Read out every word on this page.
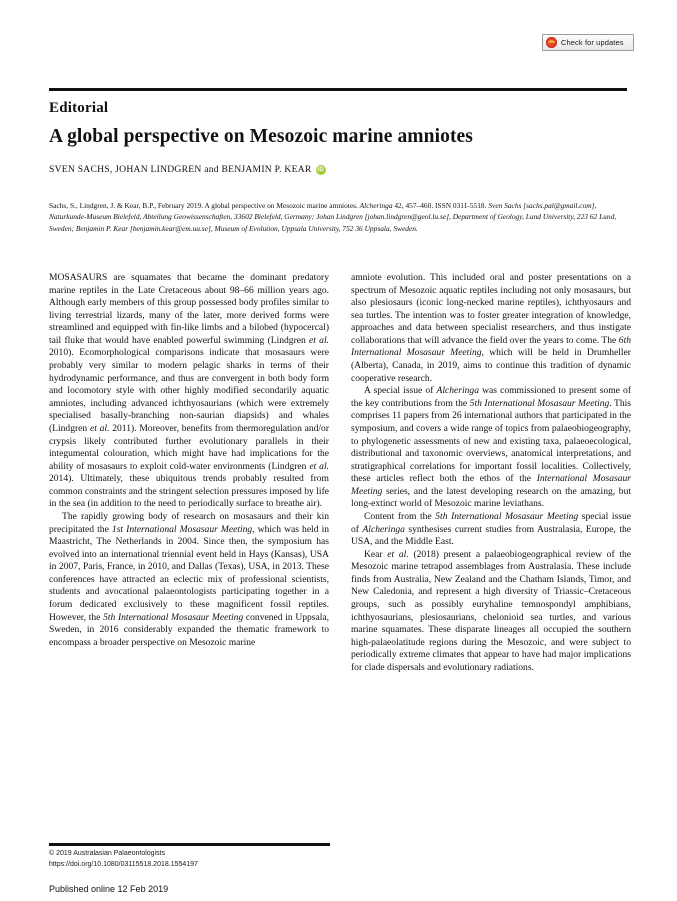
Check for updates
Editorial
A global perspective on Mesozoic marine amniotes
SVEN SACHS, JOHAN LINDGREN and BENJAMIN P. KEAR
iD
Sachs, S., Lindgren, J. & Kear, B.P., February 2019. A global perspective on Mesozoic marine amniotes. Alcheringa 42, 457–460. ISSN 0311-5518. Sven Sachs [sachs.pal@gmail.com], Naturkunde-Museum Bielefeld, Abteilung Geowissenschaften, 33602 Bielefeld, Germany; Johan Lindgren [johan.lindgren@geol.lu.se], Department of Geology, Lund University, 223 62 Lund, Sweden; Benjamin P. Kear [benjamin.kear@em.uu.se], Museum of Evolution, Uppsala University, 752 36 Uppsala, Sweden.

MOSASAURS are squamates that became the dominant predatory marine reptiles in the Late Cretaceous about 98–66 million years ago. Although early members of this group possessed body profiles similar to living terrestrial lizards, many of the later, more derived forms were streamlined and equipped with fin-like limbs and a bilobed (hypocercal) tail fluke that would have enabled powerful swimming (Lindgren et al. 2010). Ecomorphological comparisons indicate that mosasaurs were probably very similar to modern pelagic sharks in terms of their hydrodynamic performance, and thus are convergent in both body form and locomotory style with other highly modified secondarily aquatic amniotes, including advanced ichthyosaurians (which were extremely specialised basally-branching non-saurian diapsids) and whales (Lindgren et al. 2011). Moreover, benefits from thermoregulation and/or crypsis likely contributed further evolutionary parallels in their integumental colouration, which might have had implications for the ability of mosasaurs to exploit cold-water environments (Lindgren et al. 2014). Ultimately, these ubiquitous trends probably resulted from common constraints and the stringent selection pressures imposed by life in the sea (in addition to the need to periodically surface to breathe air).

The rapidly growing body of research on mosasaurs and their kin precipitated the 1st International Mosasaur Meeting, which was held in Maastricht, The Netherlands in 2004. Since then, the symposium has evolved into an international triennial event held in Hays (Kansas), USA in 2007, Paris, France, in 2010, and Dallas (Texas), USA, in 2013. These conferences have attracted an eclectic mix of professional scientists, students and avocational palaeontologists participating together in a forum dedicated exclusively to these magnificent fossil reptiles. However, the 5th International Mosasaur Meeting convened in Uppsala, Sweden, in 2016 considerably expanded the thematic framework to encompass a broader perspective on Mesozoic marine

amniote evolution. This included oral and poster presentations on a spectrum of Mesozoic aquatic reptiles including not only mosasaurs, but also plesiosaurs (iconic long-necked marine reptiles), ichthyosaurs and sea turtles. The intention was to foster greater integration of knowledge, approaches and data between specialist researchers, and thus instigate collaborations that will advance the field over the years to come. The 6th International Mosasaur Meeting, which will be held in Drumheller (Alberta), Canada, in 2019, aims to continue this tradition of dynamic cooperative research.

A special issue of Alcheringa was commissioned to present some of the key contributions from the 5th International Mosasaur Meeting. This comprises 11 papers from 26 international authors that participated in the symposium, and covers a wide range of topics from palaeobiogeography, to phylogenetic assessments of new and existing taxa, palaeoecological, distributional and taxonomic overviews, anatomical interpretations, and stratigraphical correlations for important fossil localities. Collectively, these articles reflect both the ethos of the International Mosasaur Meeting series, and the latest developing research on the amazing, but long-extinct world of Mesozoic marine leviathans.

Content from the 5th International Mosasaur Meeting special issue of Alcheringa synthesises current studies from Australasia, Europe, the USA, and the Middle East.

Kear et al. (2018) present a palaeobiogeographical review of the Mesozoic marine tetrapod assemblages from Australasia. These include finds from Australia, New Zealand and the Chatham Islands, Timor, and New Caledonia, and represent a high diversity of Triassic–Cretaceous groups, such as possibly euryhaline temnospondyl amphibians, ichthyosaurians, plesiosaurians, chelonioid sea turtles, and various marine squamates. These disparate lineages all occupied the southern high-palaeolatitude regions during the Mesozoic, and were subject to periodically extreme climates that appear to have had major implications for clade dispersals and evolutionary radiations.

© 2019 Australasian Palaeontologists
https://doi.org/10.1080/03115518.2018.1554197
Published online 12 Feb 2019
